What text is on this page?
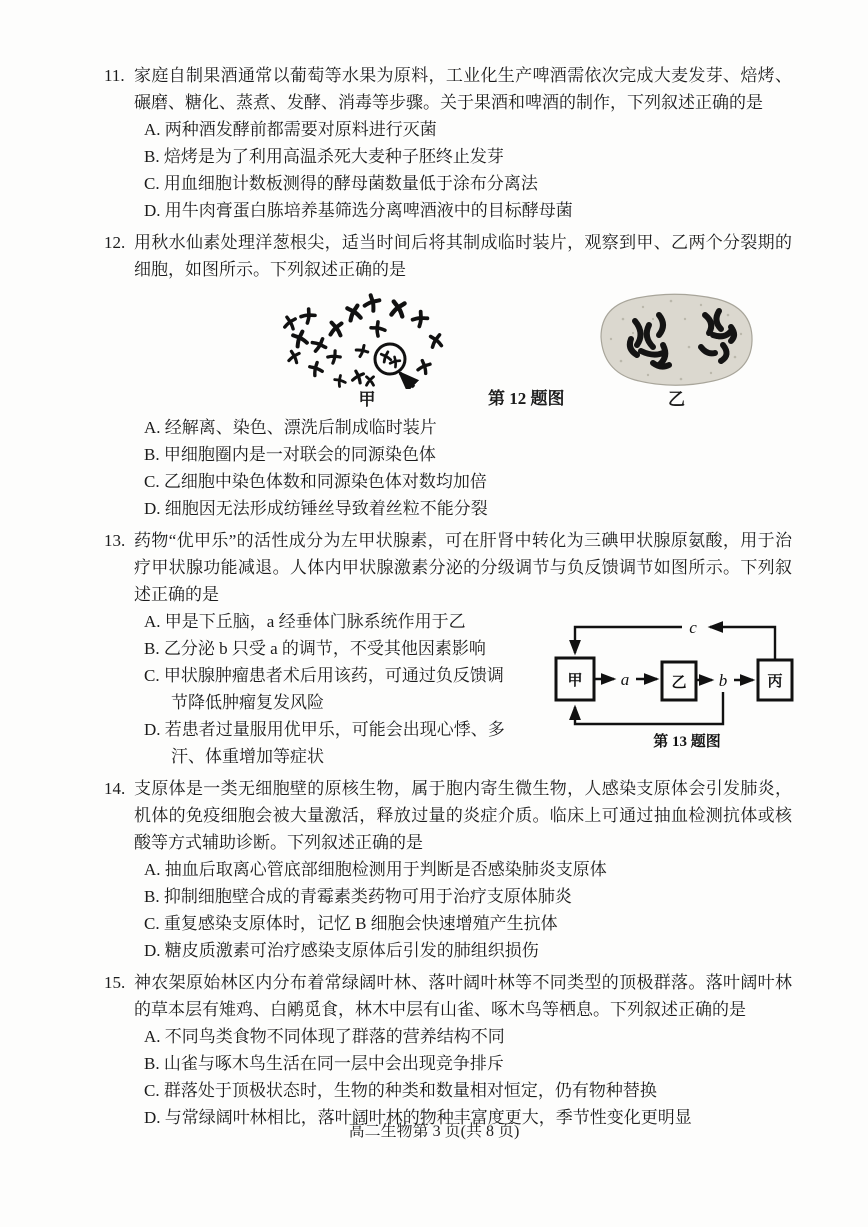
11. 家庭自制果酒通常以葡萄等水果为原料，工业化生产啤酒需依次完成大麦发芽、焙烤、碾磨、糖化、蒸煮、发酵、消毒等步骤。关于果酒和啤酒的制作，下列叙述正确的是
A. 两种酒发酵前都需要对原料进行灭菌
B. 焙烤是为了利用高温杀死大麦种子胚终止发芽
C. 用血细胞计数板测得的酵母菌数量低于涂布分离法
D. 用牛肉膏蛋白胨培养基筛选分离啤酒液中的目标酵母菌
12. 用秋水仙素处理洋葱根尖，适当时间后将其制成临时装片，观察到甲、乙两个分裂期的细胞，如图所示。下列叙述正确的是
甲	第 12 题图	乙
A. 经解离、染色、漂洗后制成临时装片
B. 甲细胞圈内是一对联会的同源染色体
C. 乙细胞中染色体数和同源染色体对数均加倍
D. 细胞因无法形成纺锤丝导致着丝粒不能分裂
13. 药物“优甲乐”的活性成分为左甲状腺素，可在肝肾中转化为三碘甲状腺原氨酸，用于治疗甲状腺功能减退。人体内甲状腺激素分泌的分级调节与负反馈调节如图所示。下列叙述正确的是
A. 甲是下丘脑，a 经垂体门脉系统作用于乙
B. 乙分泌 b 只受 a 的调节，不受其他因素影响
C. 甲状腺肿瘤患者术后用该药，可通过负反馈调节降低肿瘤复发风险
D. 若患者过量服用优甲乐，可能会出现心悸、多汗、体重增加等症状
甲	乙	丙
a	b
c
第 13 题图
14. 支原体是一类无细胞壁的原核生物，属于胞内寄生微生物，人感染支原体会引发肺炎，机体的免疫细胞会被大量激活，释放过量的炎症介质。临床上可通过抽血检测抗体或核酸等方式辅助诊断。下列叙述正确的是
A. 抽血后取离心管底部细胞检测用于判断是否感染肺炎支原体
B. 抑制细胞壁合成的青霉素类药物可用于治疗支原体肺炎
C. 重复感染支原体时，记忆 B 细胞会快速增殖产生抗体
D. 糖皮质激素可治疗感染支原体后引发的肺组织损伤
15. 神农架原始林区内分布着常绿阔叶林、落叶阔叶林等不同类型的顶极群落。落叶阔叶林的草本层有雉鸡、白鹇觅食，林木中层有山雀、啄木鸟等栖息。下列叙述正确的是
A. 不同鸟类食物不同体现了群落的营养结构不同
B. 山雀与啄木鸟生活在同一层中会出现竞争排斥
C. 群落处于顶极状态时，生物的种类和数量相对恒定，仍有物种替换
D. 与常绿阔叶林相比，落叶阔叶林的物种丰富度更大，季节性变化更明显
高二生物第 3 页(共 8 页)
